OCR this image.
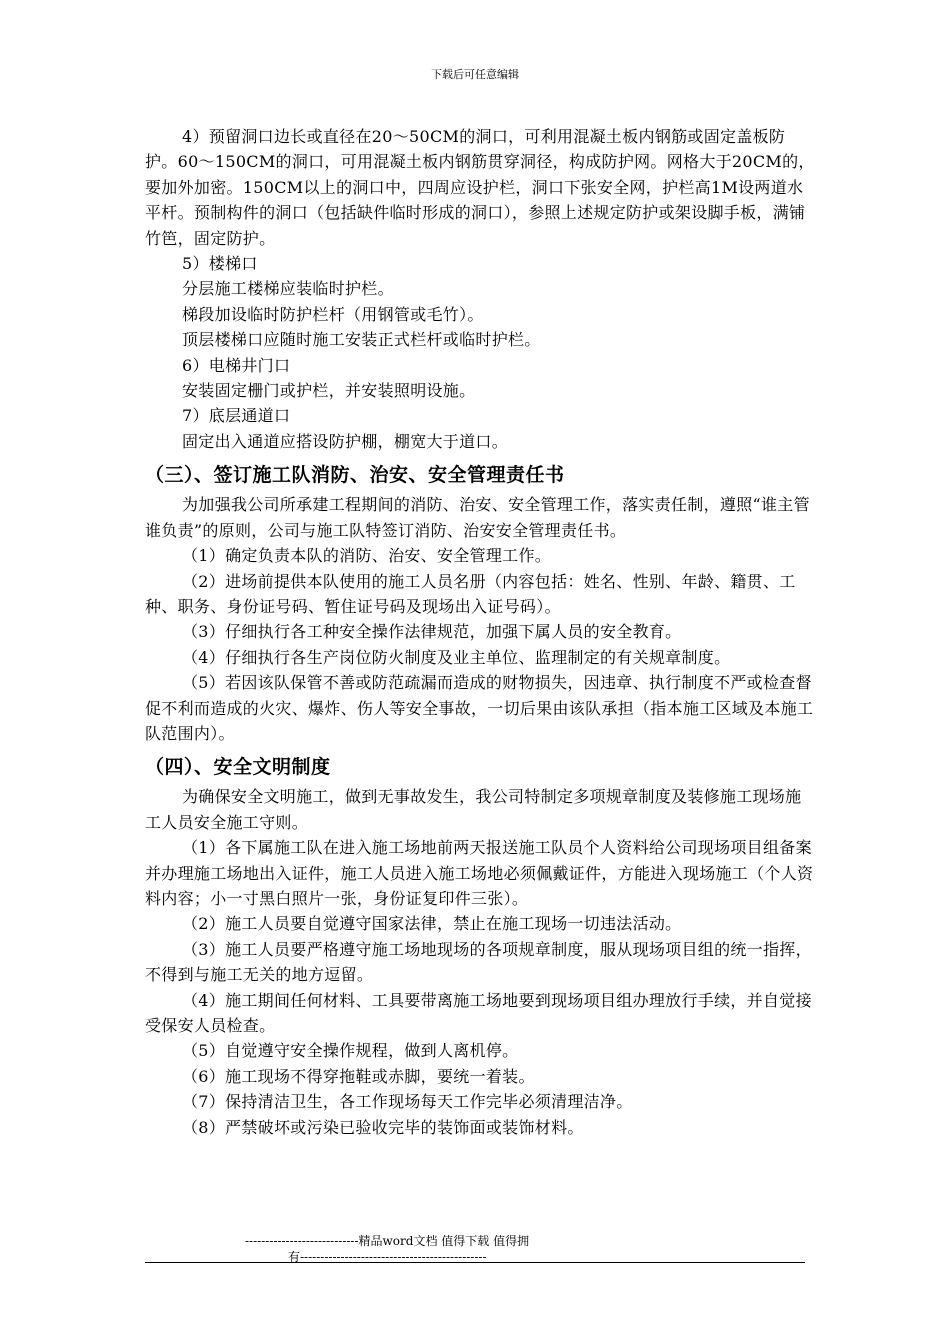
下载后可任意编辑

4）预留洞口边长或直径在20～50CM的洞口，可利用混凝土板内钢筋或固定盖板防护。60～150CM的洞口，可用混凝土板内钢筋贯穿洞径，构成防护网。网格大于20CM的，要加外加密。150CM以上的洞口中，四周应设护栏，洞口下张安全网，护栏高1M设两道水平杆。预制构件的洞口（包括缺件临时形成的洞口），参照上述规定防护或架设脚手板，满铺竹笆，固定防护。

5）楼梯口

分层施工楼梯应装临时护栏。

梯段加设临时防护栏杆（用钢管或毛竹）。

顶层楼梯口应随时施工安装正式栏杆或临时护栏。

6）电梯井门口

安装固定栅门或护栏，并安装照明设施。

7）底层通道口

固定出入通道应搭设防护棚，棚宽大于道口。

（三）、签订施工队消防、治安、安全管理责任书

为加强我公司所承建工程期间的消防、治安、安全管理工作，落实责任制，遵照“谁主管谁负责”的原则，公司与施工队特签订消防、治安安全管理责任书。

（1）确定负责本队的消防、治安、安全管理工作。

（2）进场前提供本队使用的施工人员名册（内容包括：姓名、性别、年龄、籍贯、工种、职务、身份证号码、暂住证号码及现场出入证号码）。

（3）仔细执行各工种安全操作法律规范，加强下属人员的安全教育。

（4）仔细执行各生产岗位防火制度及业主单位、监理制定的有关规章制度。

（5）若因该队保管不善或防范疏漏而造成的财物损失，因违章、执行制度不严或检查督促不利而造成的火灾、爆炸、伤人等安全事故，一切后果由该队承担（指本施工区域及本施工队范围内）。

（四）、安全文明制度

为确保安全文明施工，做到无事故发生，我公司特制定多项规章制度及装修施工现场施工人员安全施工守则。

（1）各下属施工队在进入施工场地前两天报送施工队员个人资料给公司现场项目组备案并办理施工场地出入证件，施工人员进入施工场地必须佩戴证件，方能进入现场施工（个人资料内容；小一寸黑白照片一张，身份证复印件三张）。

（2）施工人员要自觉遵守国家法律，禁止在施工现场一切违法活动。

（3）施工人员要严格遵守施工场地现场的各项规章制度，服从现场项目组的统一指挥，不得到与施工无关的地方逗留。

（4）施工期间任何材料、工具要带离施工场地要到现场项目组办理放行手续，并自觉接受保安人员检查。

（5）自觉遵守安全操作规程，做到人离机停。

（6）施工现场不得穿拖鞋或赤脚，要统一着装。

（7）保持清洁卫生，各工作现场每天工作完毕必须清理洁净。

（8）严禁破坏或污染已验收完毕的装饰面或装饰材料。

----------------------------精品word文档 值得下载 值得拥
有----------------------------------------------
